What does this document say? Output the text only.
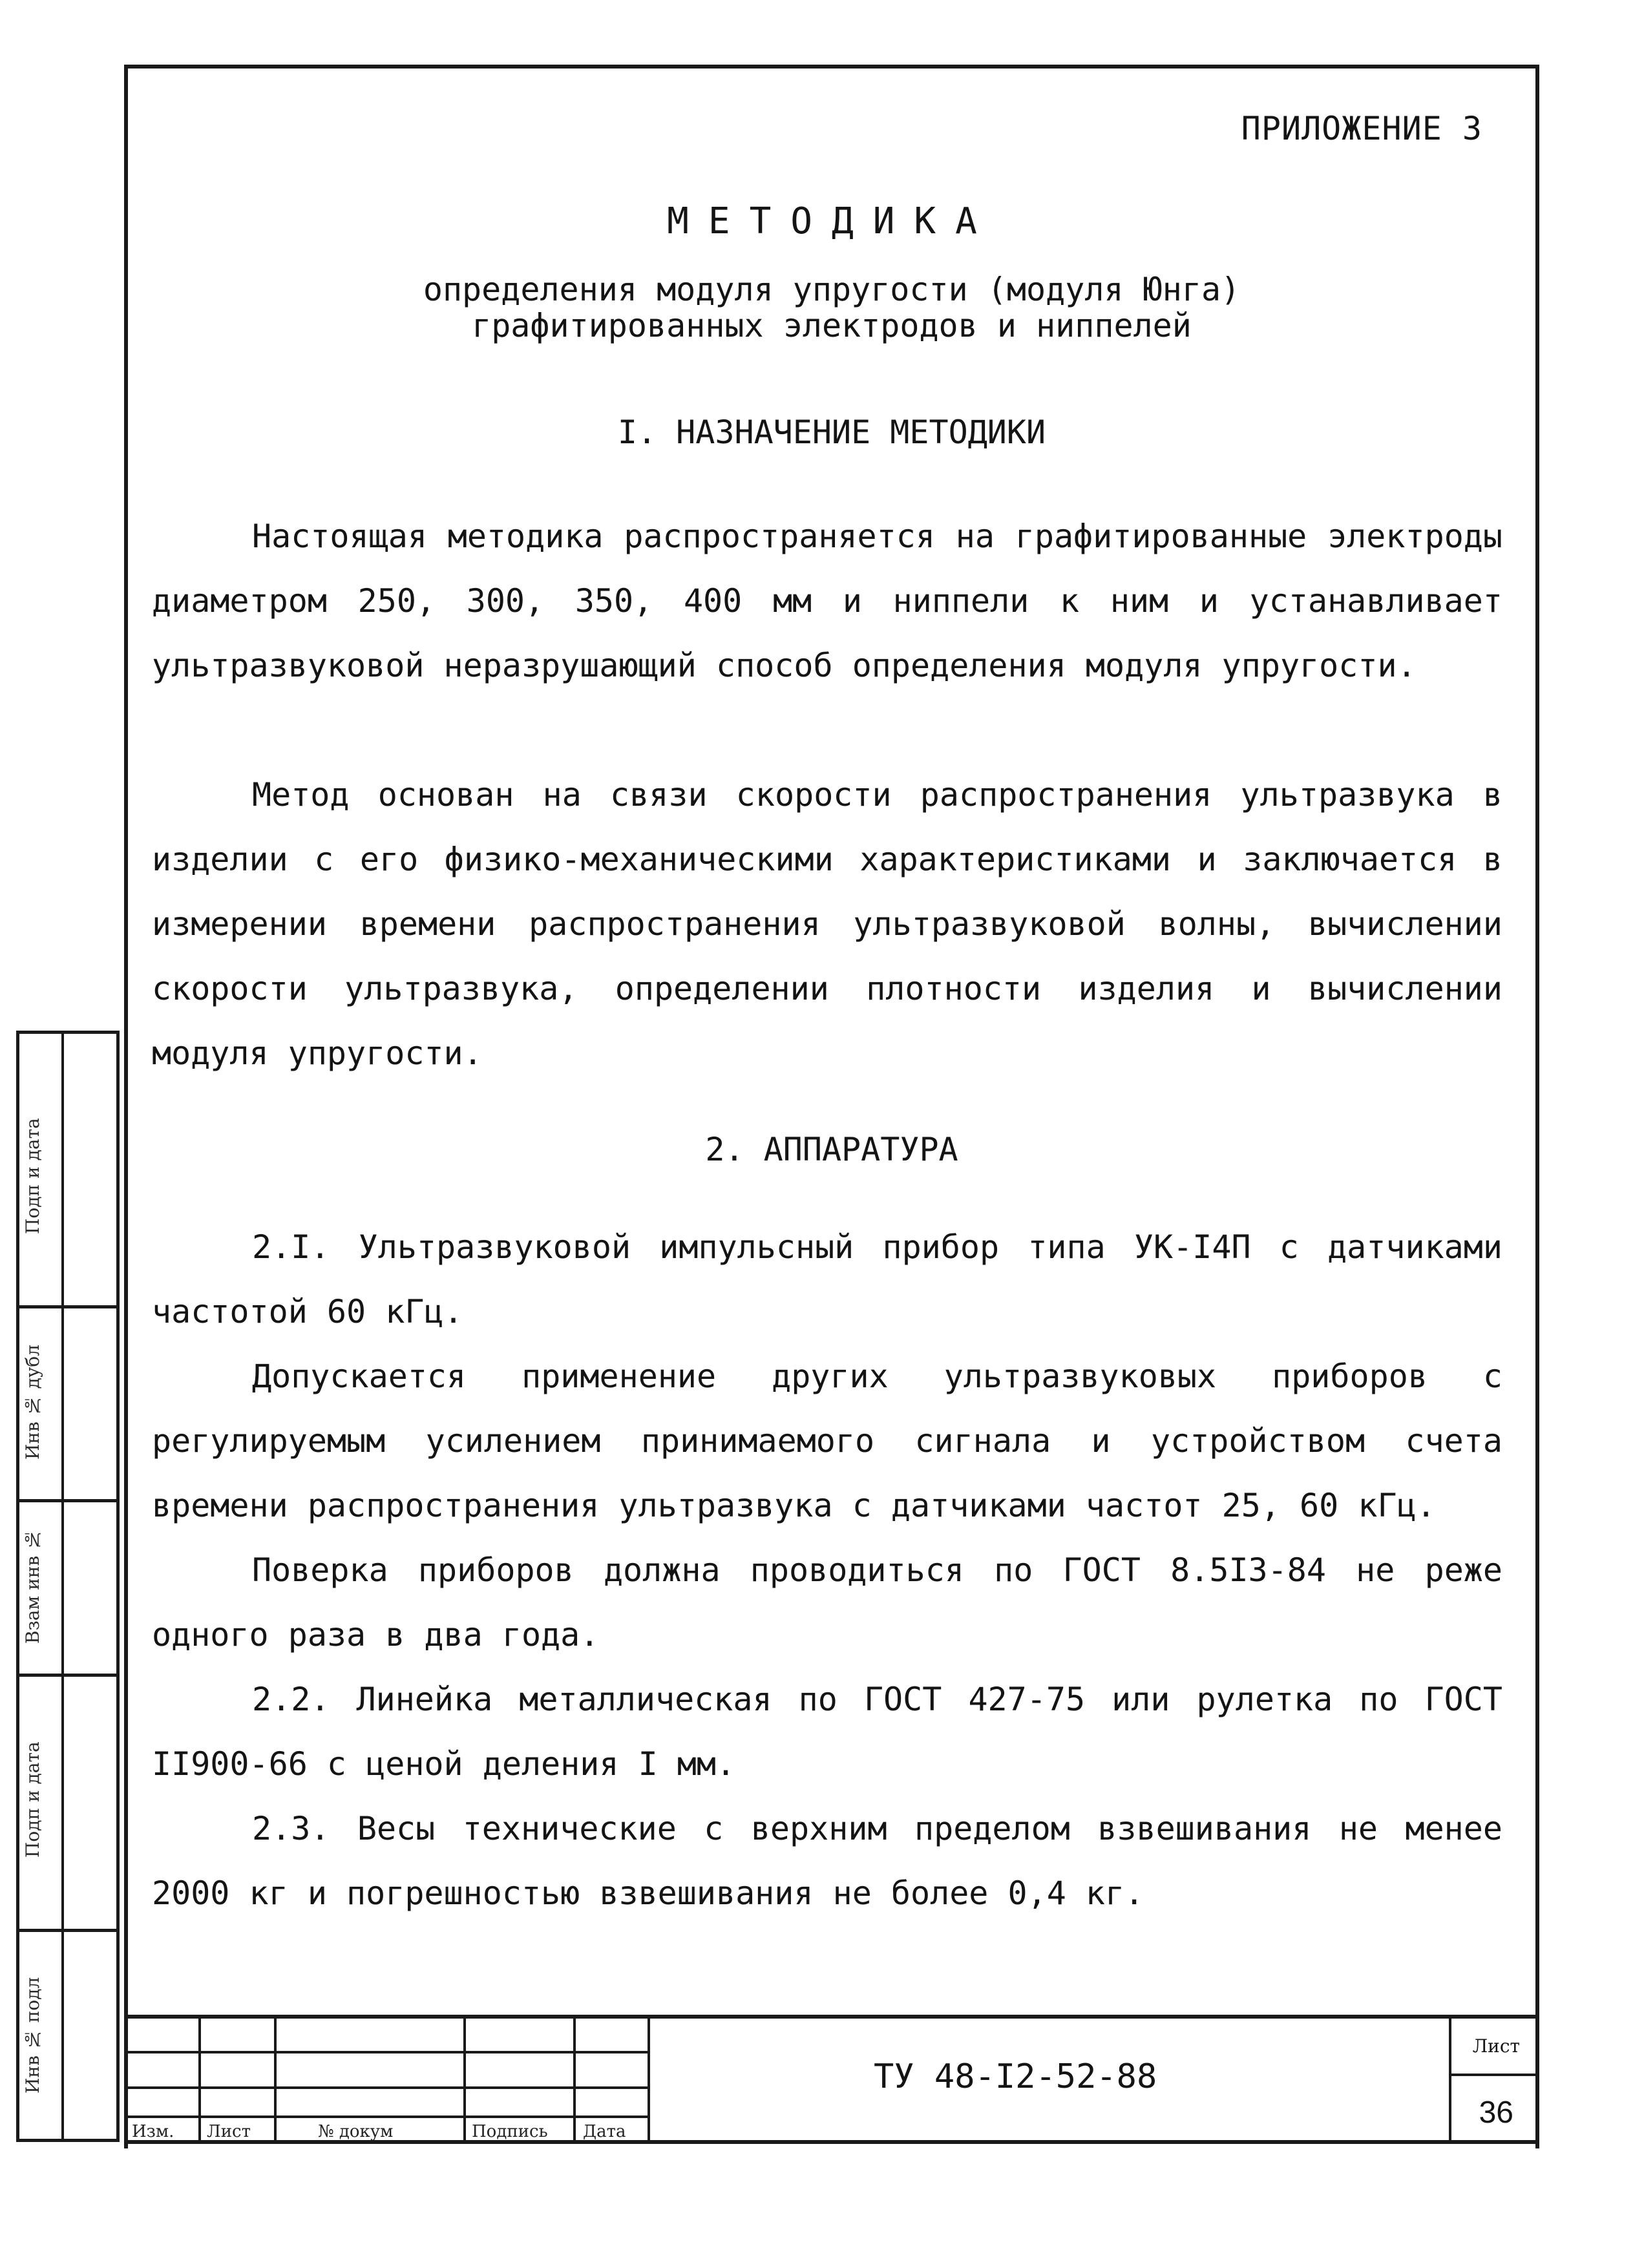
ПРИЛОЖЕНИЕ 3
МЕТОДИКА
определения модуля упругости (модуля Юнга)
графитированных электродов и ниппелей
I. НАЗНАЧЕНИЕ МЕТОДИКИ

Настоящая методика распространяется на графитированные электроды диаметром 250, 300, 350, 400 мм и ниппели к ним и устанавливает ультразвуковой неразрушающий способ определения модуля упругости.

Метод основан на связи скорости распространения ультразвука в изделии с его физико-механическими характеристиками и заключается в измерении времени распространения ультразвуковой волны, вычислении скорости ультразвука, определении плотности изделия и вычислении модуля упругости.

2. АППАРАТУРА

2.I. Ультразвуковой импульсный прибор типа УК-I4П с датчиками частотой 60 кГц.

Допускается применение других ультразвуковых приборов с регулируемым усилением принимаемого сигнала и устройством счета времени распространения ультразвука с датчиками частот 25, 60 кГц.

Поверка приборов должна проводиться по ГОСТ 8.5I3-84 не реже одного раза в два года.

2.2. Линейка металлическая по ГОСТ 427-75 или рулетка по ГОСТ II900-66 с ценой деления I мм.

2.3. Весы технические с верхним пределом взвешивания не менее 2000 кг и погрешностью взвешивания не более 0,4 кг.

Подп и дата
Инв № дубл
Взам инв №
Подп и дата
Инв № подл
Изм. Лист	№ докум	Подпись Дата
ТУ 48-I2-52-88
Лист
36
